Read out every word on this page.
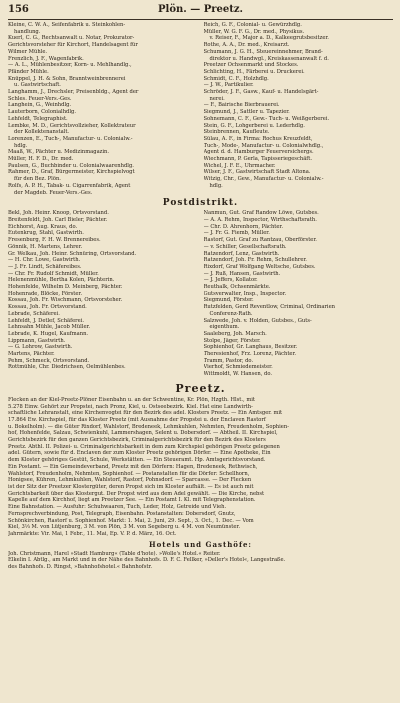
156	Plön. — Preetz.

Kleine, C. W. A., Seifenfabrik u. Steinkohlen-

handlung.

Kuerl, C. G., Rechtsanwalt u. Notar, Prokurator-

Gerichtsvorsteher für Kirchort, Handelsagent für

Wilmer Mühle.

Frenzlich, J. F., Wagenfabrik.

— A. L., Mühlenbesitzer, Korn- u. Mehlhandlg.,

Pfänder Mühle.

Knüppel, J. H. & Sohn, Branntweinbrennerei

u. Gastwirtschaft.

Langhamm, J., Drechsler, Preisenbldg., Agent der

Schles. Feuer-Vers.-Ges.

Langhein, G., Weinhdlg.

Lauterborn, Colonialhdlg.

Lehfeldt, Telegraphist.

Lembke, M. D., Gerichtsvollzieher, Kollektrateur

der Kollektenanstalt.

Lorenzen, E., Tuch-, Manufactur- u. Colonialw.-

hdlg.

Maaß, W., Pächter u. Medizinmagazin.

Müller, H. F. D., Dr. med.

Paulsen, G., Buchbinder u. Colonialwaarenhdlg.

Rahmer, D., Graf, Bürgermeister, Kirchspielvogt

für den Bez. Plön.

Rolfs, A. P. H., Tabak- u. Cigarrenfabrik, Agent

der Magdeb. Feuer-Vers.-Ges.

Reich, G. F., Colonial- u. Gewürzhdlg.

Müller, W. G. F. G., Dr. med., Physikus.

v. Reiser, F., Major a. D., Kalkeegrutsbesitzer.

Rothe, A. A., Dr. med., Kreisarzt.

Schumann, J. G. H., Steuereinnehmer, Brand-

direktor u. Handwgl., Kreiskassenanwalt f. d.

Preetzer Ochsenmarkt und Stockes.

Schlichting, H., Färberei u. Druckerei.

Schmidt, C. F., Holzhdlg.

— J. W., Partikulier.

Schröder, J. F., Gasw., Kauf- u. Handelsgärt-

nerei.

— F., Bairische Bierbrauerei.

Siegmund, J., Sattler u. Tapezier.

Sohnemann, C. F., Gew.- Tuch- u. Weißgerberei.

Stein, G. F., Lohgerberei u. Lederhdlg.

Steinbrennen, Kaufleute.

Sülau, A. F., in Firma: Rochus Kreuzfeldt,

Tuch-, Mode-, Manufactur- u. Colonialwhdlg.,

Agent d. d. Hamburger Feuerversichergs.

Wiechmann, P. Gerla, Tapisseriegeschäft.

Wichel, J. F. E., Uhrmacher.

Wilser, J. F., Gastwirtschaft Stadt Altona.

Witzig, Chr., Gew., Manufactur- u. Colonialw.-

hdlg.

Postdistrikt.

Bekl, Joh. Heinr. Knoop, Ortsvorstand.

Breitenfeldt, Joh. Carl Bieler, Pächter.

Eichhorst, Aug. Kraus, do.

Eutenkrug, Stahl, Gastwirth.

Fresenburg, F. H. W. Brennereibes.

Gönnik, H. Martens, Lehrer.

Gr. Welkau, Joh. Heinr. Schnüring, Ortsvorstand.

— H. Chr. Lowe, Gastwirth.

— J. Fr. Lindt, Schäfereibes.

— Chr. Fr. Rudolf Schmidt, Müller.

Helenenmühle, Bertha Kolen, Pächterin.

Hohenfelde, Wilhelm D. Meinberg, Pächter.

Hohenrade, Blöcke, Förster.

Kossau, Joh. Fr. Wischmann, Ortsvorsteher.

Kossau, Joh. Fr. Ortsvorstand.

Lebrade, Schäferei.

Lehfeldt, J. Detlef, Schäferei.

Lehnsahn Mühle, Jacob Müller.

Lebrade, K. Hugel, Kaufmann.

Lippmann, Gastwirth.

— G. Lohrow, Gastwirth.

Martens, Pächter.

Pehm, Schmeck, Ortsvorstand.

Rottmühle, Chr. Diedrichsen, Oelmühlenbes.

Nanmun, Gut. Graf Randow Löwe, Gutsbes.

— A. A. Rehm, Inspector, Wirthschaftsrath.

— Chr. D. Ahrenhorn, Pächter.

— J. Fr. G. Fiemb, Müller.

Rastorf, Gut. Graf zu Rantzau, Oberförster.

— v. Schiller, Gesellschaftsrath.

Ratzendorf, Lenz, Gastwirth.

Ratzendorf, Joh. Fr. Rehm, Schullehrer.

Rixdorf, Graf Wolfgang Weltsche, Gutsbes.

— J. Ruß, Hansen, Gastwirth.

— J. Jeffers, Kollator.

Reuthalk, Ochsenmärkte.

Gutsverwalter, Insp., Inspector.

Siegmund, Förster.

Rutzfelden, Gerd Reventlow, Criminal, Ordinarien

Conferenz-Rath.

Salzwede, Joh. v. Holden, Gutsbes., Guts-

eigenthum.

Saaleberg, Joh. Marsch.

Stolpe, Jäger, Förster.

Sophienhof, Gr. Langhaus, Besitzer.

Theresienhof, Frz. Lorenz, Pächter.

Tramm, Pastor, do.

Vierhof, Schmiedemeister.

Wittmoldt, W. Hansen, do.

Preetz.
Flecken an der Kiel-Preetz-Plöner Eisenbahn u. an der Schwentine, Kr. Plön, Hzgth. Hlst., mit
5.278 Einw. Gehört zur Propstei, nach Pronz, Kiel, u. Ostseebezirk. Kiel. Hat eine Landwirth-
schaftliche Lehranstalt, eine Kirchenvogtei für den Bezirk des adel. Klosters Preetz. — Ein Amtsger. mit
17.864 Ew. Kirchspiel, für das Kloster Preetz (mit Ausnahme der Propstei u. der Enclaven Rastorf
u. Bokelholm). — die Güter Rixdorf, Wahlstorf, Bredeneek, Lehmkuhlen, Nehmten, Freudenholm, Sophien-
hof, Hohenfelde, Salzau, Schwienkuhl, Lammershagen, Selent u. Dobersdorf. — Abtheil. II. Kirchspiel,
Gerichtsbezirk für den ganzen Gerichtsbezirk, Criminalgerichtsbezirk für den Bezirk des Klosters
Preetz. Abthl. II. Polizei- u. Criminalgerichtsbarkeit in dem zum Kirchspiel gehörigen Preetz gelegenen
adel. Gütern, sowie für d. Enclaven der zum Kloster Preetz gehörigen Dörfer. — Eine Apotheke, Ein
dem Kloster gehöriges Gestüt, Schule, Werkstätten. — Ein Steueramt. Hp. Amtsgerichtsvorstand.
Ein Postamt. — Ein Gemeindeverband, Preetz mit den Dörfern: Hagen, Bredeneek, Rethwisch,
Wahlstorf, Freudenholm, Nehmten, Sophienhof. — Postanstalten für die Dörfer: Schellhorn,
Honigsee, Kühren, Lehmkuhlen, Wahlstorf, Rastorf, Pohnsdorf. — Sparcasse. — Der Flecken
ist der Sitz der Preetzer Klostergüter, deren Propst sich im Kloster aufhält. — Es ist auch mit
Gerichtsbarkeit über das Klostergut. Der Propst wird aus dem Adel gewählt. — Die Kirche, nebst
Kapelle auf dem Kirchhof, liegt am Preetzer See. — Ein Postamt I. Kl. mit Telegraphenstation.
Eine Bahnstation. — Ausfuhr: Schuhwaaren, Tuch, Leder, Holz, Getreide und Vieh.
Fernsprechverbindung, Post, Telegraph, Eisenbahn. Postanstalten: Dobersdorf, Gnutz,
Schönkirchen, Rastorf u. Sophienhof. Markt: 1. Mai, 2. Juni, 29. Sept., 3. Oct., 1. Dec. — Vom
Kiel, 3⅓ M. von Lütjenburg, 3 M. von Plön, 3 M. von Segeberg u. 4 M. von Neumünster.
Jahrmärkte: Vir. Mai, 1 Febr., 11. Mai, Ep. V. P. d. März, 16. Oct.
Hotels und Gasthöfe:
Joh. Christmann, Harel »Stadt Hamburg« (Table d'hote). »Wolle's Hotel.« Reiter.
Elkelin I. Abtlg., am Markt und in der Nähe des Bahnhofs. D. F. C. Fellker, »Deller's Hotel«, Langestraße.
des Bahnhofs. D. Ringst, »Bahnhofshotel.« Bahnhofstr.
